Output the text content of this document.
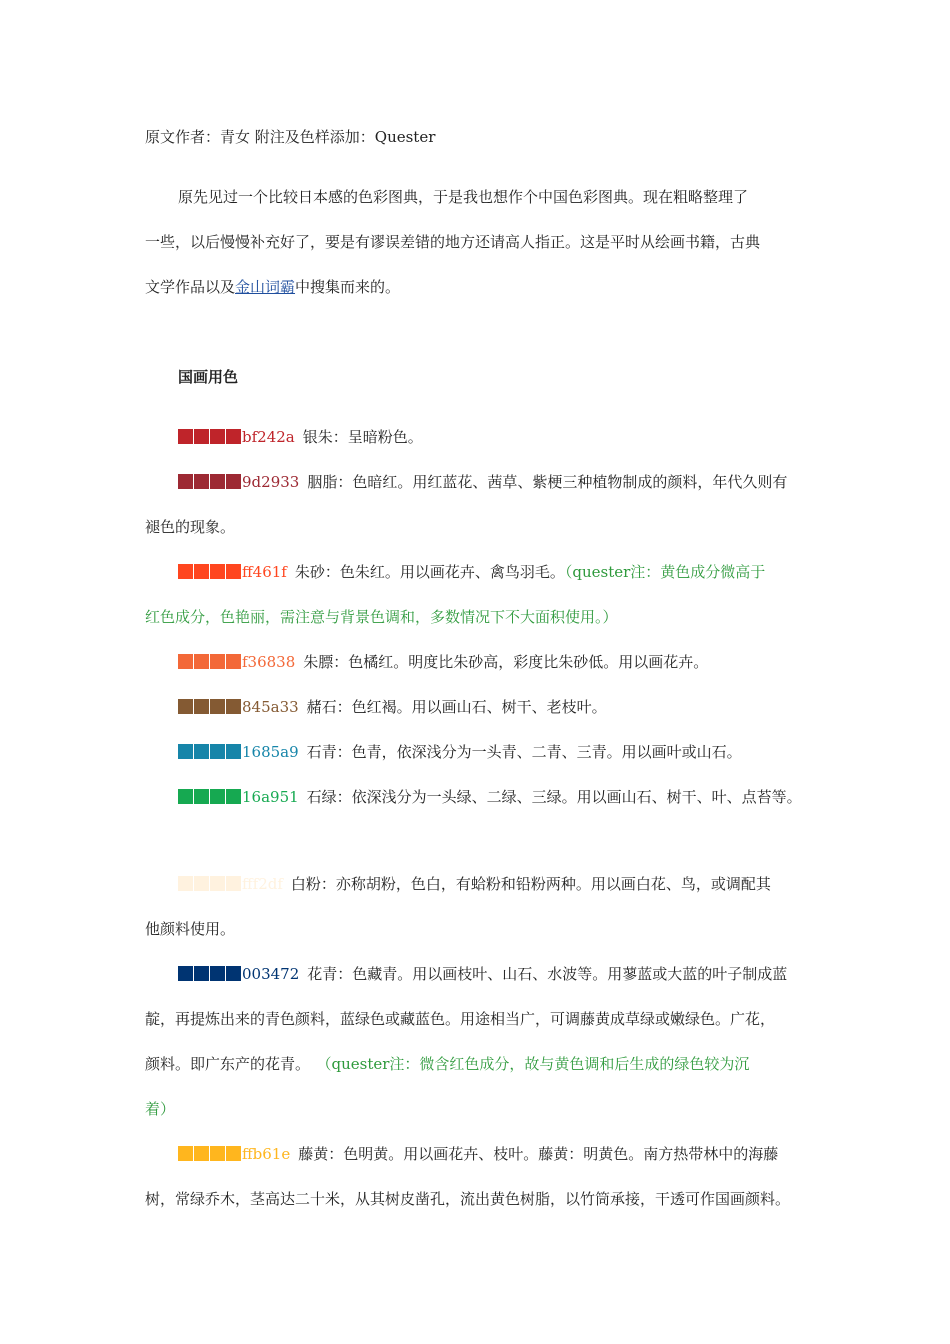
原文作者：青女 附注及色样添加：Quester
原先见过一个比较日本感的色彩图典，于是我也想作个中国色彩图典。现在粗略整理了
一些，以后慢慢补充好了，要是有谬误差错的地方还请高人指正。这是平时从绘画书籍，古典
文学作品以及金山词霸中搜集而来的。
国画用色
bf242a 银朱：呈暗粉色。
9d2933 胭脂：色暗红。用红蓝花、茜草、紫梗三种植物制成的颜料，年代久则有
褪色的现象。
ff461f 朱砂：色朱红。用以画花卉、禽鸟羽毛。（quester注：黄色成分微高于
红色成分，色艳丽，需注意与背景色调和，多数情况下不大面积使用。）
f36838 朱膘：色橘红。明度比朱砂高，彩度比朱砂低。用以画花卉。
845a33 赭石：色红褐。用以画山石、树干、老枝叶。
1685a9 石青：色青，依深浅分为一头青、二青、三青。用以画叶或山石。
16a951 石绿：依深浅分为一头绿、二绿、三绿。用以画山石、树干、叶、点苔等。
fff2df 白粉：亦称胡粉，色白，有蛤粉和铅粉两种。用以画白花、鸟，或调配其
他颜料使用。
003472 花青：色藏青。用以画枝叶、山石、水波等。用蓼蓝或大蓝的叶子制成蓝
靛，再提炼出来的青色颜料，蓝绿色或藏蓝色。用途相当广，可调藤黄成草绿或嫩绿色。广花，
颜料。即广东产的花青。 （quester注：微含红色成分，故与黄色调和后生成的绿色较为沉
着）
ffb61e 藤黄：色明黄。用以画花卉、枝叶。藤黄：明黄色。南方热带林中的海藤
树，常绿乔木，茎高达二十米，从其树皮凿孔，流出黄色树脂，以竹筒承接，干透可作国画颜料。
